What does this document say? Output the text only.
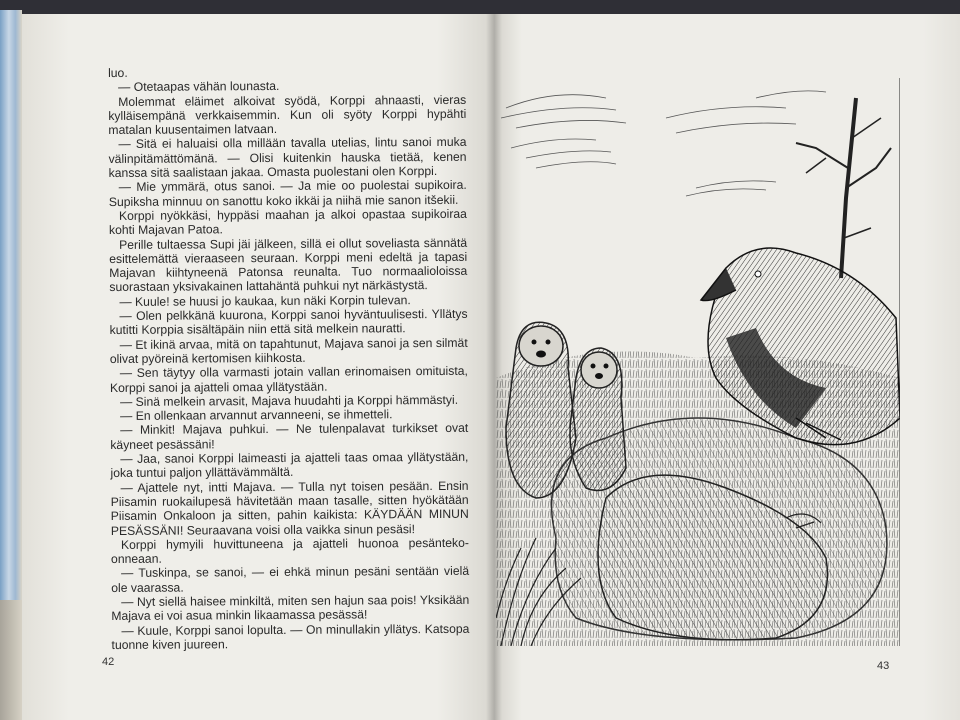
luo.

— Otetaapas vähän lounasta.

Molemmat eläimet alkoivat syödä, Korppi ahnaasti, vieras kylläisempänä verkkaisemmin. Kun oli syöty Korppi hypähti matalan kuusentaimen latvaan.

— Sitä ei haluaisi olla millään tavalla utelias, lintu sanoi muka välinpitämättömänä. — Olisi kuitenkin hauska tietää, kenen kanssa sitä saalistaan jakaa. Omasta puolestani olen Korppi.

— Mie ymmärä, otus sanoi. — Ja mie oo puolestai supikoira. Supiksha minnuu on sanottu koko ikkäi ja niihä mie sanon itšekii.

Korppi nyökkäsi, hyppäsi maahan ja alkoi opastaa supikoiraa kohti Majavan Patoa.

Perille tultaessa Supi jäi jälkeen, sillä ei ollut soveliasta sännätä esittelemättä vieraaseen seuraan. Korppi meni edeltä ja tapasi Majavan kiihtyneenä Patonsa reunalta. Tuo normaalioloissa suorastaan yksivakainen lattahäntä puhkui nyt närkästystä.

— Kuule! se huusi jo kaukaa, kun näki Korpin tulevan.

— Olen pelkkänä kuurona, Korppi sanoi hyväntuulisesti. Yllätys kutitti Korppia sisältäpäin niin että sitä melkein nauratti.

— Et ikinä arvaa, mitä on tapahtunut, Majava sanoi ja sen silmät olivat pyöreinä kertomisen kiihkosta.

— Sen täytyy olla varmasti jotain vallan erinomaisen omituista, Korppi sanoi ja ajatteli omaa yllätystään.

— Sinä melkein arvasit, Majava huudahti ja Korppi hämmästyi.

— En ollenkaan arvannut arvanneeni, se ihmetteli.

— Minkit! Majava puhkui. — Ne tulenpalavat turkikset ovat käyneet pesässäni!

— Jaa, sanoi Korppi laimeasti ja ajatteli taas omaa yllätystään, joka tuntui paljon yllättävämmältä.

— Ajattele nyt, intti Majava. — Tulla nyt toisen pesään. Ensin Piisamin ruokailupesä hävitetään maan tasalle, sitten hyökätään Piisamin Onkaloon ja sitten, pahin kaikista: KÄYDÄÄN MINUN PESÄSSÄNI! Seuraavana voisi olla vaikka sinun pesäsi!

Korppi hymyili huvittuneena ja ajatteli huonoa pesänteko-onneaan.

— Tuskinpa, se sanoi, — ei ehkä minun pesäni sentään vielä ole vaarassa.

— Nyt siellä haisee minkiltä, miten sen hajun saa pois! Yksikään Majava ei voi asua minkin likaamassa pesässä!

— Kuule, Korppi sanoi lopulta. — On minullakin yllätys. Katsopa tuonne kiven juureen.

42	43
